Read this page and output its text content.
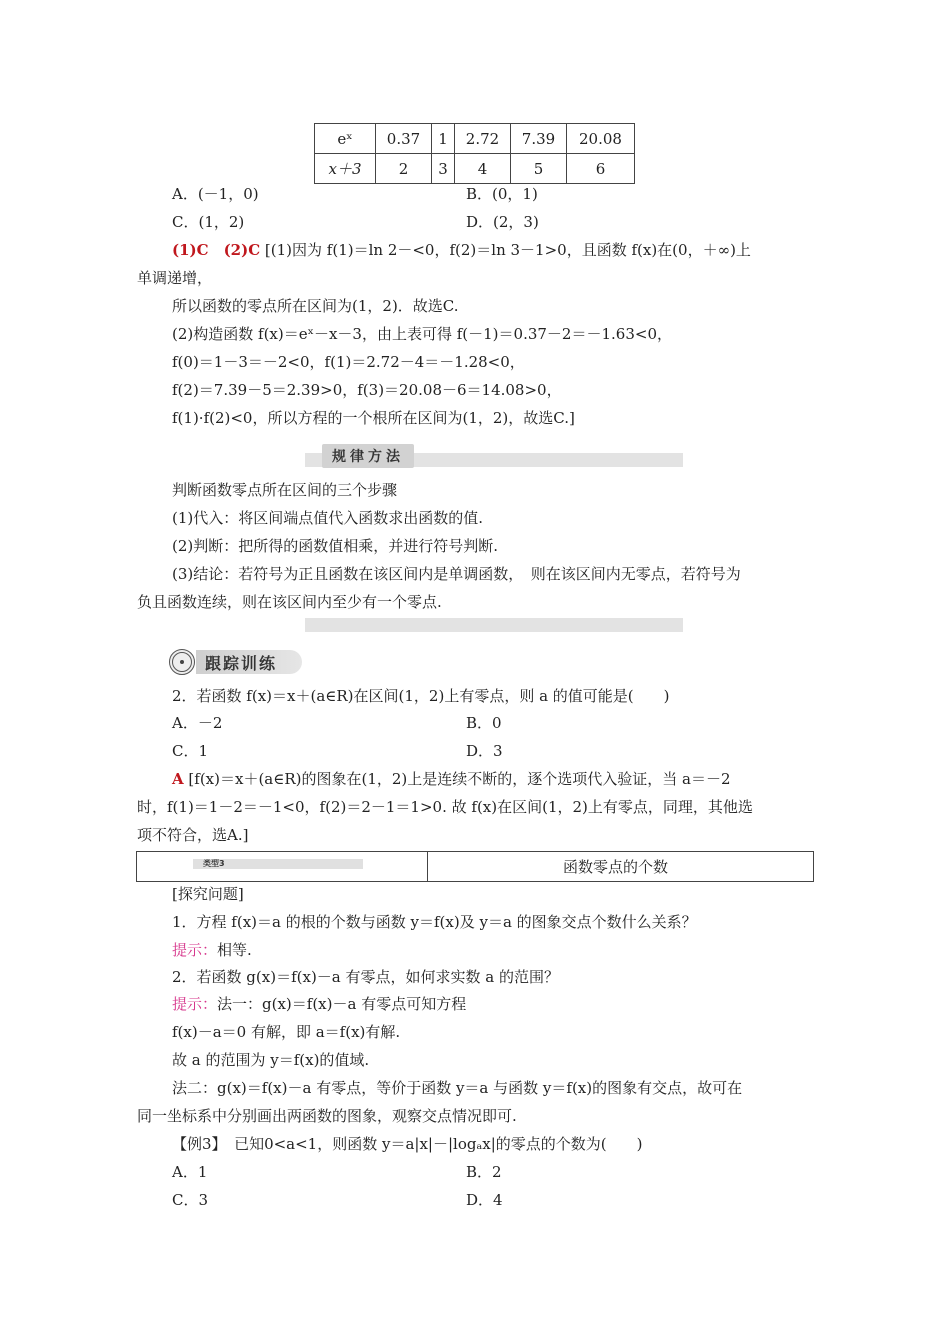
eˣ	0.37	1	2.72	7.39	20.08
x＋3	2	3	4	5	6
A．(－1，0)	B．(0，1)
C．(1，2)	D．(2，3)
(1)C　(2)C [(1)因为 f(1)＝ln 2－<0，f(2)＝ln 3－1>0，且函数 f(x)在(0，＋∞)上
单调递增，
所以函数的零点所在区间为(1，2)．故选C.
(2)构造函数 f(x)＝eˣ－x－3，由上表可得 f(－1)＝0.37－2＝－1.63<0，
f(0)＝1－3＝－2<0，f(1)＝2.72－4＝－1.28<0，
f(2)＝7.39－5＝2.39>0，f(3)＝20.08－6＝14.08>0，
f(1)·f(2)<0，所以方程的一个根所在区间为(1，2)，故选C.]
规律方法
判断函数零点所在区间的三个步骤
(1)代入：将区间端点值代入函数求出函数的值.
(2)判断：把所得的函数值相乘，并进行符号判断.
(3)结论：若符号为正且函数在该区间内是单调函数，　则在该区间内无零点，若符号为
负且函数连续，则在该区间内至少有一个零点.
跟踪训练
2．若函数 f(x)＝x＋(a∈R)在区间(1，2)上有零点，则 a 的值可能是(　　)
A．－2	B．0
C．1	D．3
A [f(x)＝x＋(a∈R)的图象在(1，2)上是连续不断的，逐个选项代入验证，当 a＝－2
时，f(1)＝1－2＝－1<0，f(2)＝2－1＝1>0. 故 f(x)在区间(1，2)上有零点，同理，其他选
项不符合，选A.]
类型3	函数零点的个数
[探究问题]
1．方程 f(x)＝a 的根的个数与函数 y＝f(x)及 y＝a 的图象交点个数什么关系？
提示：相等.
2．若函数 g(x)＝f(x)－a 有零点，如何求实数 a 的范围？
提示：法一：g(x)＝f(x)－a 有零点可知方程
f(x)－a＝0 有解，即 a＝f(x)有解.
故 a 的范围为 y＝f(x)的值域.
法二：g(x)＝f(x)－a 有零点，等价于函数 y＝a 与函数 y＝f(x)的图象有交点，故可在
同一坐标系中分别画出两函数的图象，观察交点情况即可.
【例3】　 已知0<a<1，则函数 y＝a|x|－|logₐx|的零点的个数为(　　)
A．1	B．2
C．3	D．4
